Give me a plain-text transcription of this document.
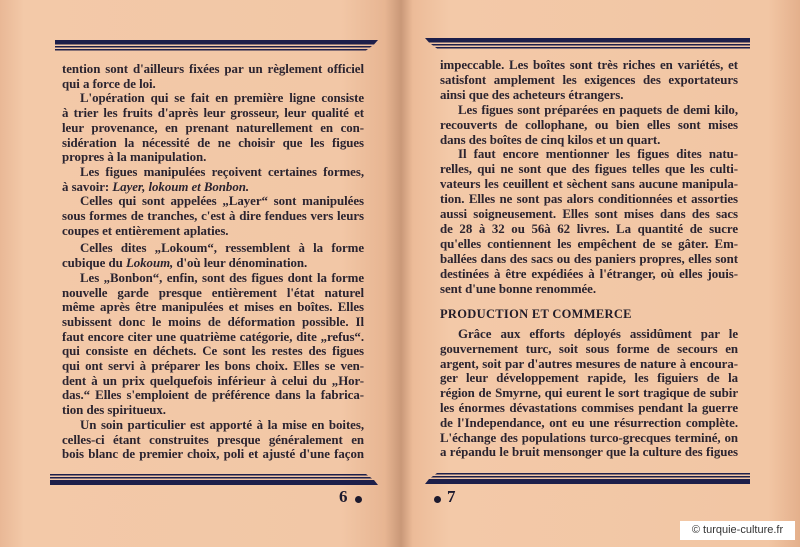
tention sont d'ailleurs fixées par un règlement officiel
qui a force de loi.
L'opération qui se fait en première ligne consiste
à trier les fruits d'après leur grosseur, leur qualité et
leur provenance, en prenant naturellement en con-
sidération la nécessité de ne choisir que les figues
propres à la manipulation.
Les figues manipulées reçoivent certaines formes,
à savoir: Layer, lokoum et Bonbon.
Celles qui sont appelées „Layer“ sont manipulées
sous formes de tranches, c'est à dire fendues vers leurs
coupes et entièrement aplaties.
Celles dites „Lokoum“, ressemblent à la forme
cubique du Lokoum, d'où leur dénomination.
Les „Bonbon“, enfin, sont des figues dont la forme
nouvelle garde presque entièrement l'état naturel
même après être manipulées et mises en boîtes. Elles
subissent donc le moins de déformation possible. Il
faut encore citer une quatrième catégorie, dite „refus“.
qui consiste en déchets. Ce sont les restes des figues
qui ont servi à préparer les bons choix. Elles se ven-
dent à un prix quelquefois inférieur à celui du „Hor-
das.“ Elles s'emploient de préférence dans la fabrica-
tion des spiritueux.
Un soin particulier est apporté à la mise en boites,
celles-ci étant construites presque généralement en
bois blanc de premier choix, poli et ajusté d'une façon
impeccable. Les boîtes sont très riches en variétés, et
satisfont amplement les exigences des exportateurs
ainsi que des acheteurs étrangers.
Les figues sont préparées en paquets de demi kilo,
recouverts de collophane, ou bien elles sont mises
dans des boîtes de cinq kilos et un quart.
Il faut encore mentionner les figues dites natu-
relles, qui ne sont que des figues telles que les culti-
vateurs les ceuillent et sèchent sans aucune manipula-
tion. Elles ne sont pas alors conditionnées et assorties
aussi soigneusement. Elles sont mises dans des sacs
de 28 à 32 ou 56à 62 livres. La quantité de sucre
qu'elles contiennent les empêchent de se gâter. Em-
ballées dans des sacs ou des paniers propres, elles sont
destinées à être expédiées à l'étranger, où elles jouis-
sent d'une bonne renommée.
Grâce aux efforts déployés assidûment par le
gouvernement turc, soit sous forme de secours en
argent, soit par d'autres mesures de nature à encoura-
ger leur développement rapide, les figuiers de la
région de Smyrne, qui eurent le sort tragique de subir
les énormes dévastations commises pendant la guerre
de l'Independance, ont eu une résurrection complète.
L'échange des populations turco-grecques terminé, on
a répandu le bruit mensonger que la culture des figues
PRODUCTION ET COMMERCE
6	7
© turquie-culture.fr
